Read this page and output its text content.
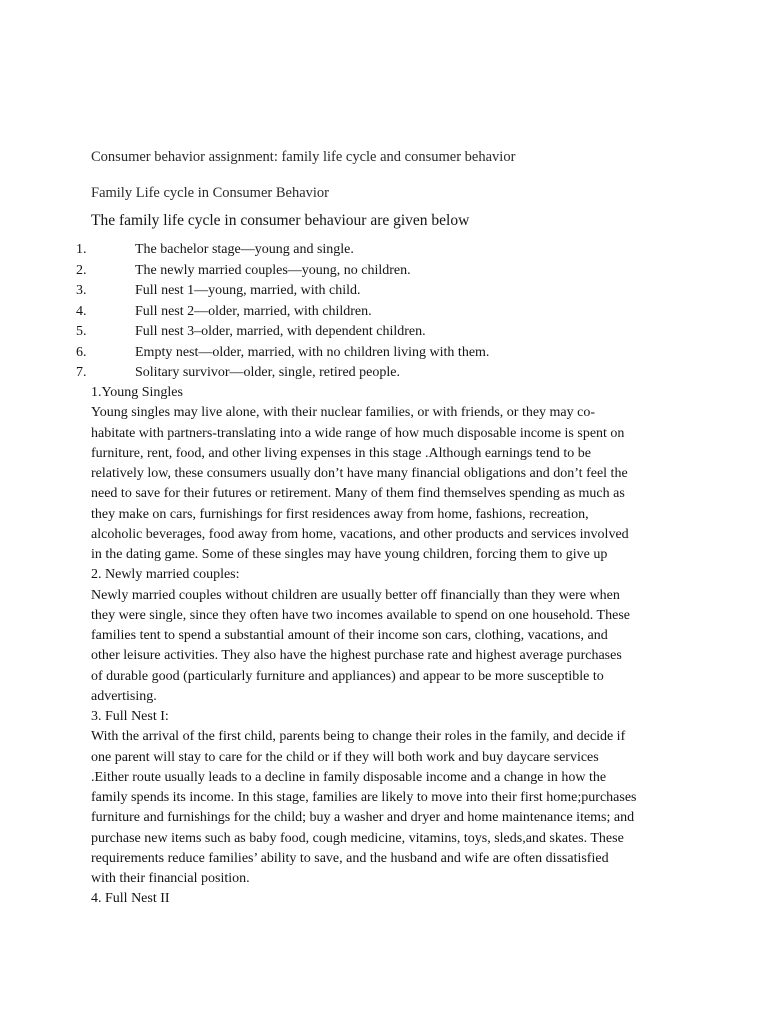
Consumer behavior assignment: family life cycle and consumer behavior
Family Life cycle in Consumer Behavior
The family life cycle in consumer behaviour are given below
1.	The bachelor stage—young and single.
2.	The newly married couples—young, no children.
3.	Full nest 1—young, married, with child.
4.	Full nest 2—older, married, with children.
5.	Full nest 3–older, married, with dependent children.
6.	Empty nest—older, married, with no children living with them.
7.	Solitary survivor—older, single, retired people.
1.Young Singles
Young singles may live alone, with their nuclear families, or with friends, or they may co-
habitate with partners-translating into a wide range of how much disposable income is spent on
furniture, rent, food, and other living expenses in this stage .Although earnings tend to be
relatively low, these consumers usually don’t have many financial obligations and don’t feel the
need to save for their futures or retirement. Many of them find themselves spending as much as
they make on cars, furnishings for first residences away from home, fashions, recreation,
alcoholic beverages, food away from home, vacations, and other products and services involved
in the dating game. Some of these singles may have young children, forcing them to give up
2. Newly married couples:
Newly married couples without children are usually better off financially than they were when
they were single, since they often have two incomes available to spend on one household. These
families tent to spend a substantial amount of their income son cars, clothing, vacations, and
other leisure activities. They also have the highest purchase rate and highest average purchases
of durable good (particularly furniture and appliances) and appear to be more susceptible to
advertising.
3. Full Nest I:
With the arrival of the first child, parents being to change their roles in the family, and decide if
one parent will stay to care for the child or if they will both work and buy daycare services
.Either route usually leads to a decline in family disposable income and a change in how the
family spends its income. In this stage, families are likely to move into their first home;purchases
furniture and furnishings for the child; buy a washer and dryer and home maintenance items; and
purchase new items such as baby food, cough medicine, vitamins, toys, sleds,and skates. These
requirements reduce families’ ability to save, and the husband and wife are often dissatisfied
with their financial position.
4. Full Nest II
